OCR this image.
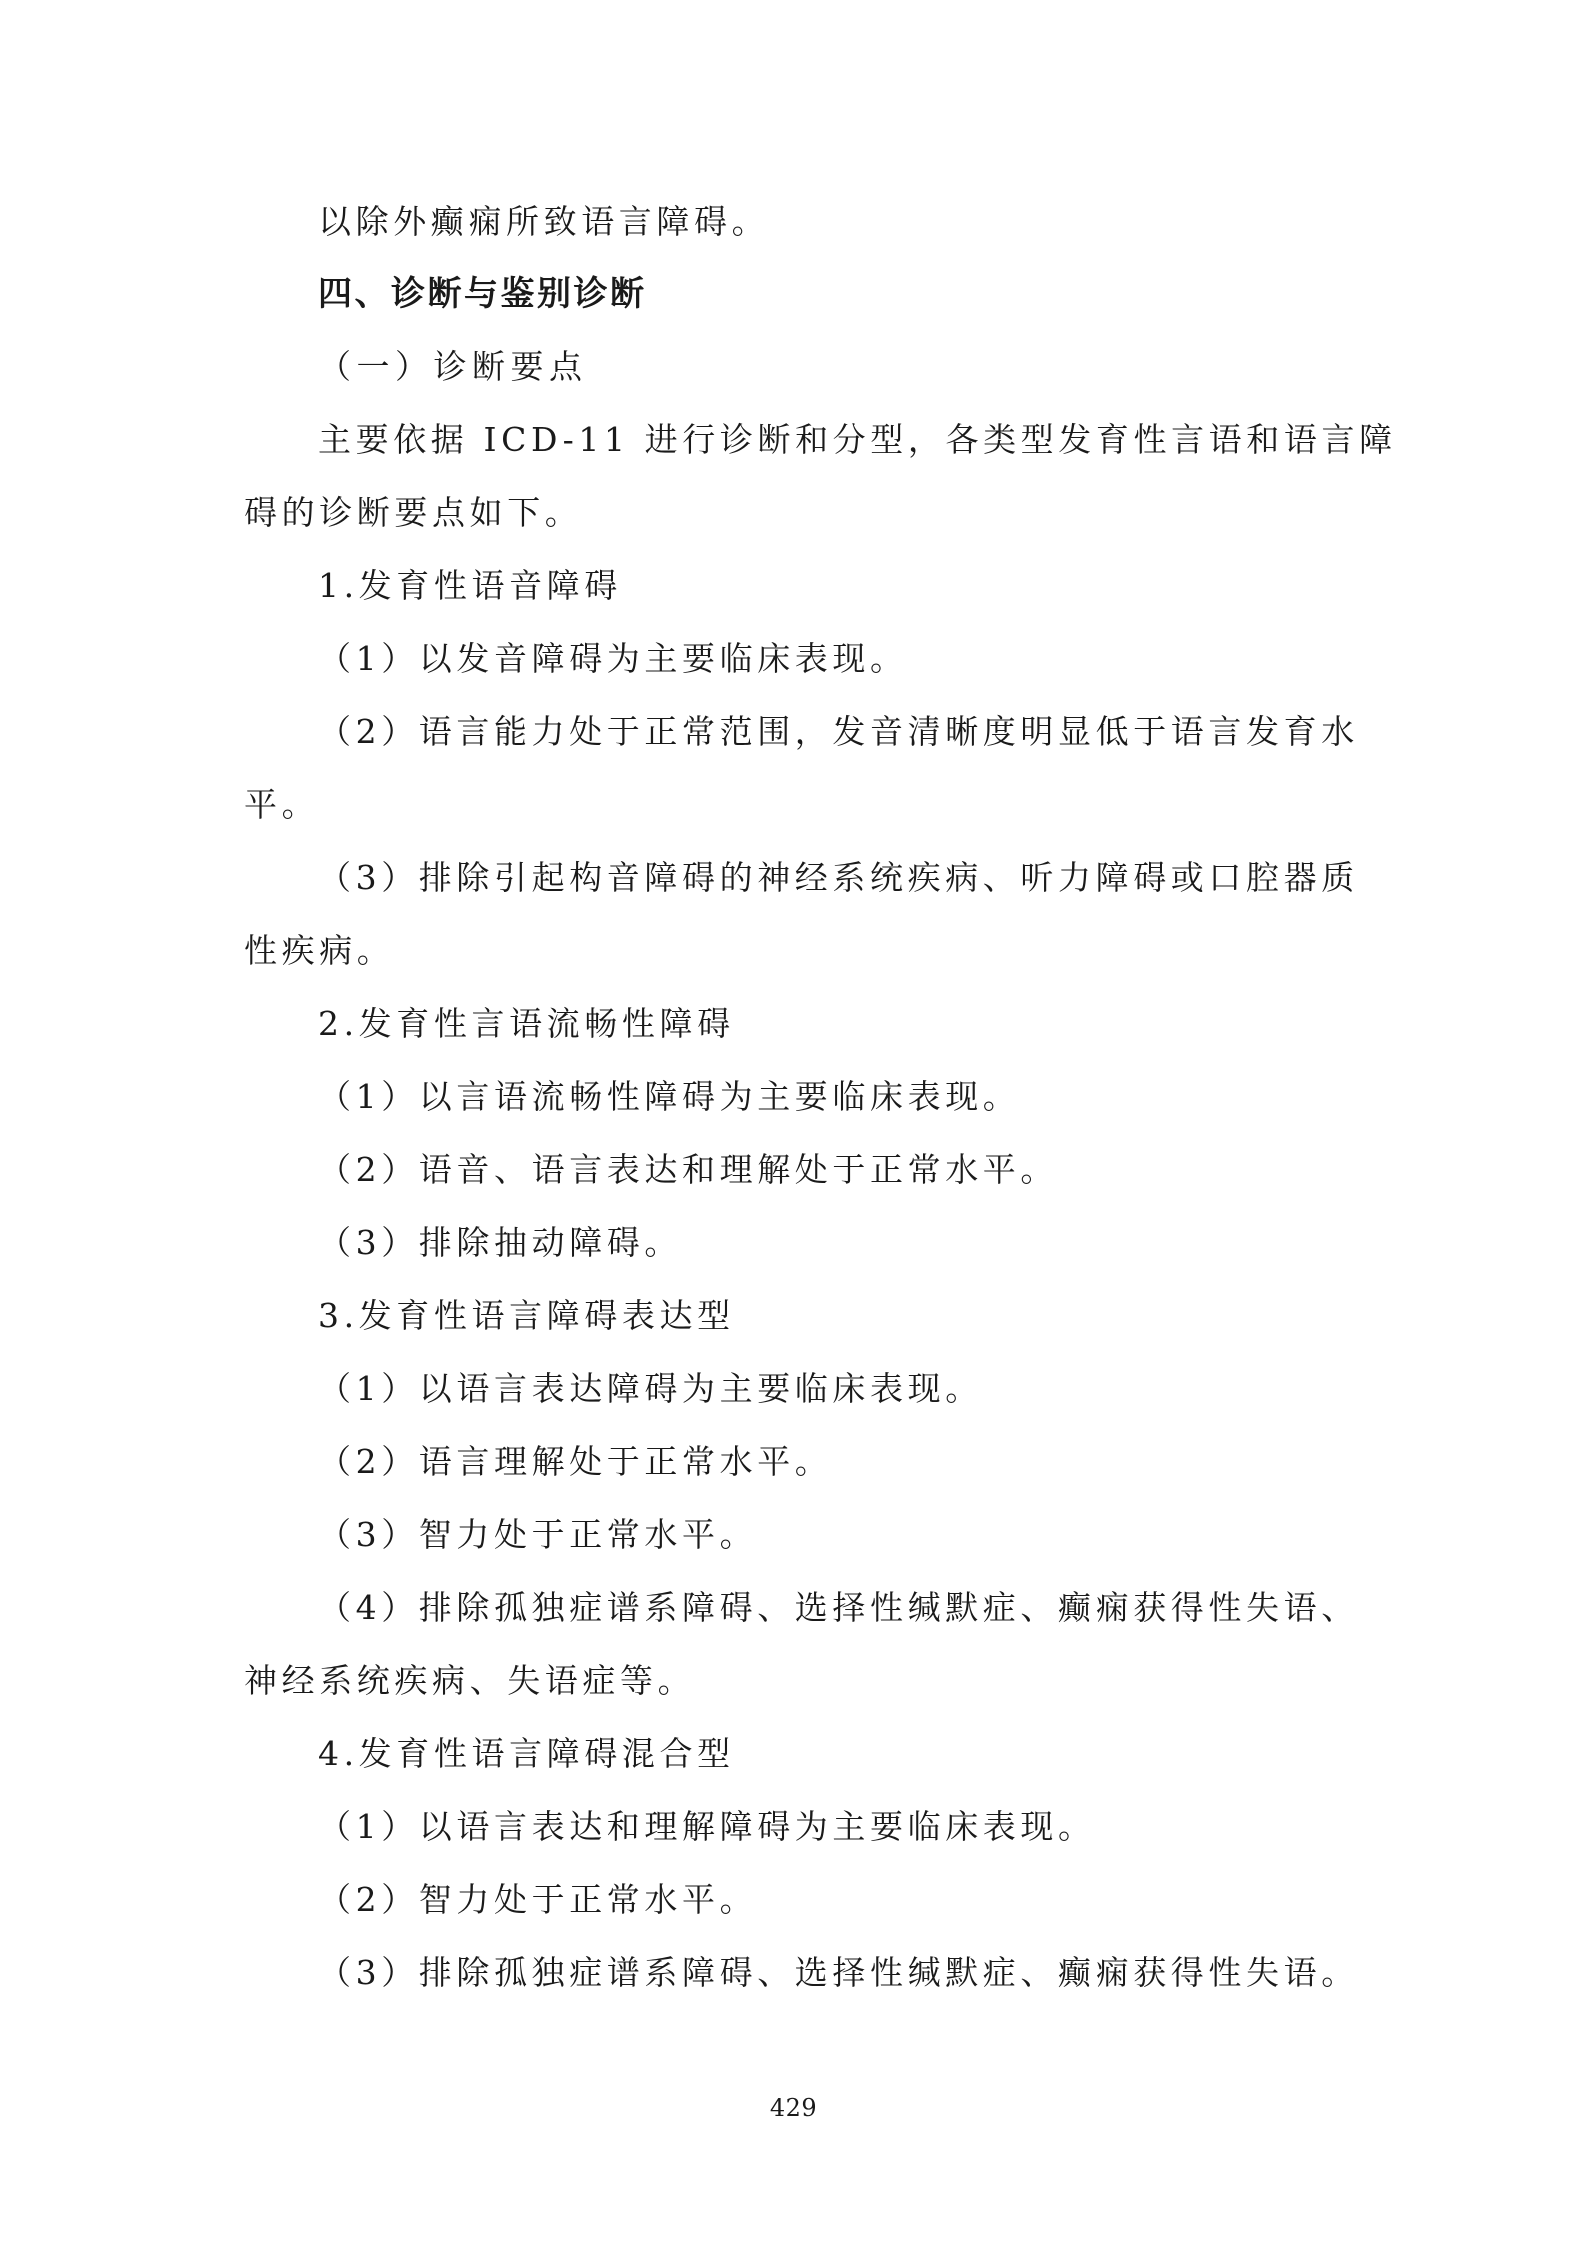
以除外癫痫所致语言障碍。
四、诊断与鉴别诊断
（一）诊断要点
主要依据 ICD-11 进行诊断和分型，各类型发育性言语和语言障
碍的诊断要点如下。
1.发育性语音障碍
（1）以发音障碍为主要临床表现。
（2）语言能力处于正常范围，发音清晰度明显低于语言发育水
平。
（3）排除引起构音障碍的神经系统疾病、听力障碍或口腔器质
性疾病。
2.发育性言语流畅性障碍
（1）以言语流畅性障碍为主要临床表现。
（2）语音、语言表达和理解处于正常水平。
（3）排除抽动障碍。
3.发育性语言障碍表达型
（1）以语言表达障碍为主要临床表现。
（2）语言理解处于正常水平。
（3）智力处于正常水平。
（4）排除孤独症谱系障碍、选择性缄默症、癫痫获得性失语、
神经系统疾病、失语症等。
4.发育性语言障碍混合型
（1）以语言表达和理解障碍为主要临床表现。
（2）智力处于正常水平。
（3）排除孤独症谱系障碍、选择性缄默症、癫痫获得性失语。
429
